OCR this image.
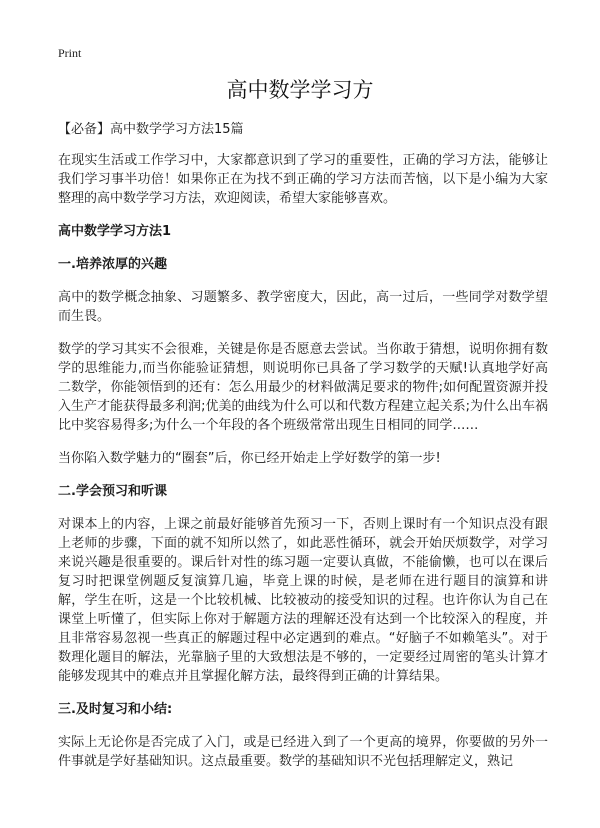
Print
高中数学学习方
【必备】高中数学学习方法15篇

在现实生活或工作学习中，大家都意识到了学习的重要性，正确的学习方法，能够让我们学习事半功倍！如果你正在为找不到正确的学习方法而苦恼，以下是小编为大家整理的高中数学学习方法，欢迎阅读，希望大家能够喜欢。

高中数学学习方法1
一.培养浓厚的兴趣

高中的数学概念抽象、习题繁多、教学密度大，因此，高一过后，一些同学对数学望而生畏。

数学的学习其实不会很难，关键是你是否愿意去尝试。当你敢于猜想，说明你拥有数学的思维能力,而当你能验证猜想，则说明你已具备了学习数学的天赋!认真地学好高二数学，你能领悟到的还有：怎么用最少的材料做满足要求的物件;如何配置资源并投入生产才能获得最多利润;优美的曲线为什么可以和代数方程建立起关系;为什么出车祸比中奖容易得多;为什么一个年段的各个班级常常出现生日相同的同学……

当你陷入数学魅力的“圈套”后，你已经开始走上学好数学的第一步!

二.学会预习和听课

对课本上的内容，上课之前最好能够首先预习一下，否则上课时有一个知识点没有跟上老师的步骤，下面的就不知所以然了，如此恶性循环，就会开始厌烦数学，对学习来说兴趣是很重要的。课后针对性的练习题一定要认真做，不能偷懒，也可以在课后复习时把课堂例题反复演算几遍，毕竟上课的时候，是老师在进行题目的演算和讲解，学生在听，这是一个比较机械、比较被动的接受知识的过程。也许你认为自己在课堂上听懂了，但实际上你对于解题方法的理解还没有达到一个比较深入的程度，并且非常容易忽视一些真正的解题过程中必定遇到的难点。“好脑子不如赖笔头”。对于数理化题目的解法，光靠脑子里的大致想法是不够的，一定要经过周密的笔头计算才能够发现其中的难点并且掌握化解方法，最终得到正确的计算结果。

三.及时复习和小结:

实际上无论你是否完成了入门，或是已经进入到了一个更高的境界，你要做的另外一件事就是学好基础知识。这点最重要。数学的基础知识不光包括理解定义，熟记
